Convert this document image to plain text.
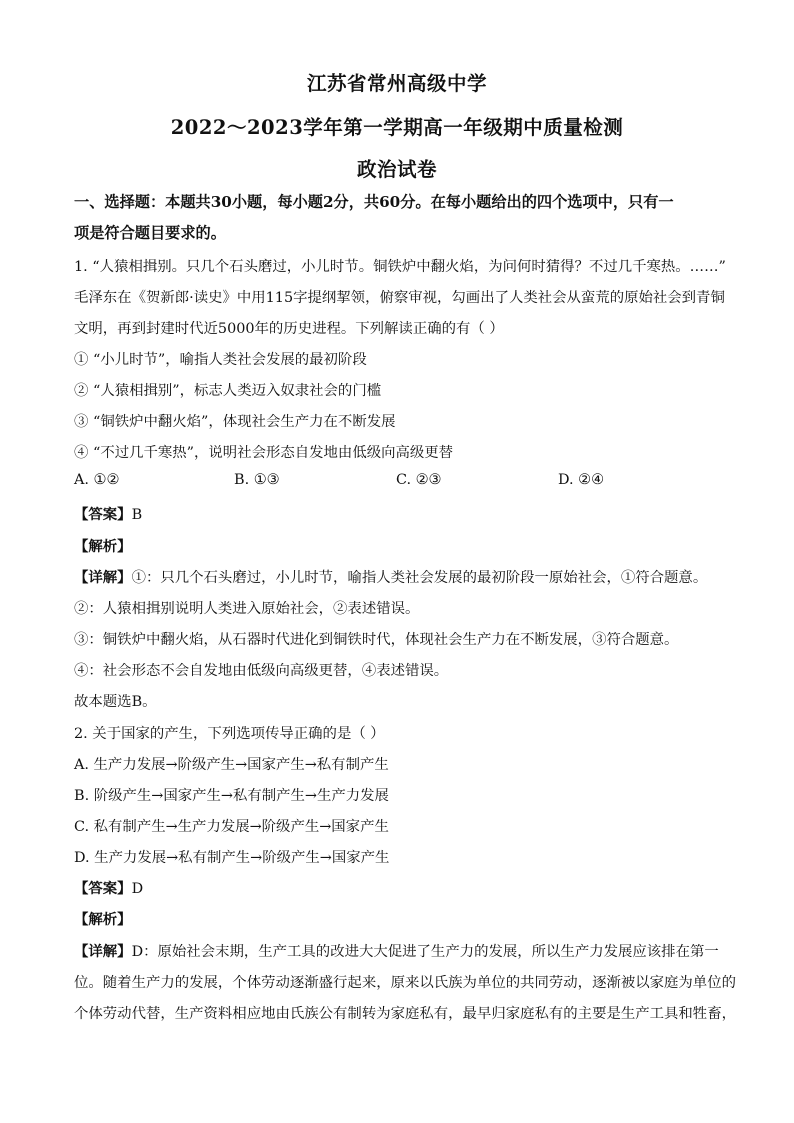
江苏省常州高级中学
2022～2023学年第一学期高一年级期中质量检测
政治试卷
一、选择题：本题共30小题，每小题2分，共60分。在每小题给出的四个选项中，只有一
项是符合题目要求的。
1. “人猿相揖别。只几个石头磨过，小儿时节。铜铁炉中翻火焰，为问何时猜得？不过几千寒热。……”
毛泽东在《贺新郎·读史》中用115字提纲挈领，俯察审视，勾画出了人类社会从蛮荒的原始社会到青铜
文明，再到封建时代近5000年的历史进程。下列解读正确的有（ ）
① “小儿时节”，喻指人类社会发展的最初阶段
② “人猿相揖别”，标志人类迈入奴隶社会的门槛
③ “铜铁炉中翻火焰”，体现社会生产力在不断发展
④ “不过几千寒热”，说明社会形态自发地由低级向高级更替
A. ①②	B. ①③	C. ②③	D. ②④
【答案】B
【解析】
【详解】①：只几个石头磨过，小儿时节，喻指人类社会发展的最初阶段一原始社会，①符合题意。
②：人猿相揖别说明人类进入原始社会，②表述错误。
③：铜铁炉中翻火焰，从石器时代进化到铜铁时代，体现社会生产力在不断发展，③符合题意。
④：社会形态不会自发地由低级向高级更替，④表述错误。
故本题选B。
2. 关于国家的产生，下列选项传导正确的是（ ）
A. 生产力发展→阶级产生→国家产生→私有制产生
B. 阶级产生→国家产生→私有制产生→生产力发展
C. 私有制产生→生产力发展→阶级产生→国家产生
D. 生产力发展→私有制产生→阶级产生→国家产生
【答案】D
【解析】
【详解】D：原始社会末期，生产工具的改进大大促进了生产力的发展，所以生产力发展应该排在第一
位。随着生产力的发展，个体劳动逐渐盛行起来，原来以氏族为单位的共同劳动，逐渐被以家庭为单位的
个体劳动代替，生产资料相应地由氏族公有制转为家庭私有，最早归家庭私有的主要是生产工具和牲畜，
